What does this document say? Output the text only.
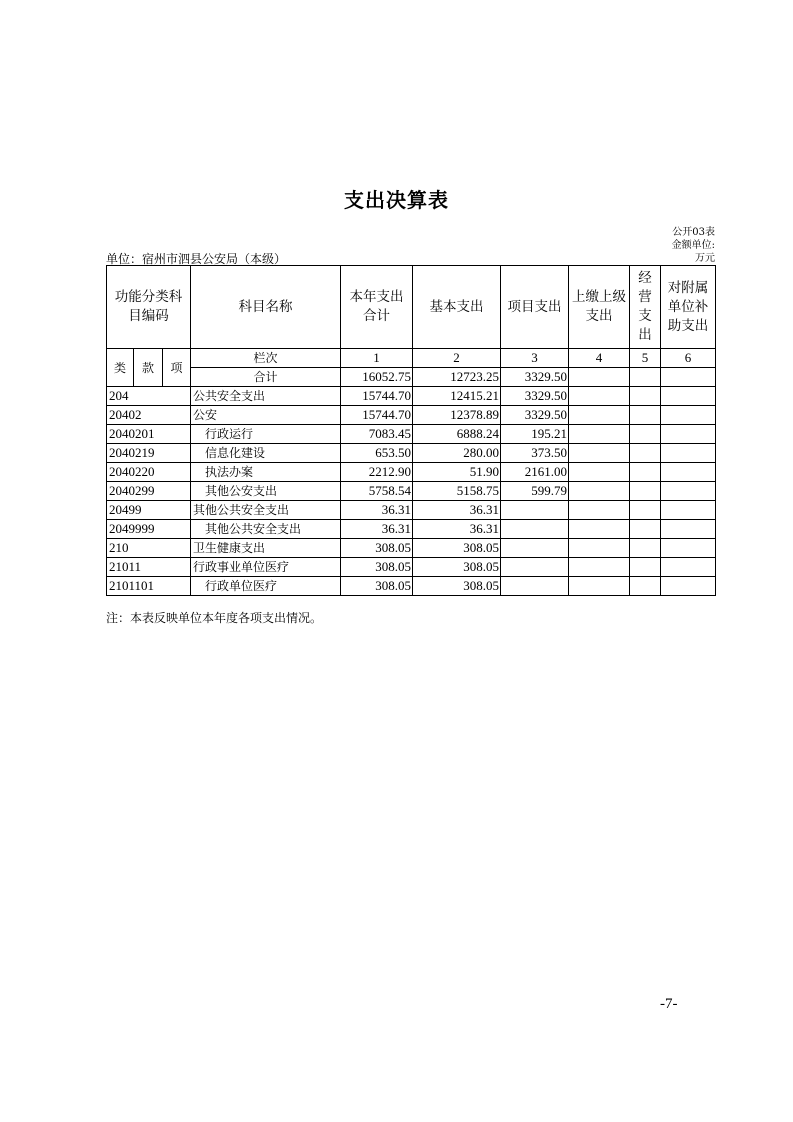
支出决算表
公开03表
金额单位:
万元
单位：宿州市泗县公安局（本级）
功能分类科目编码			科目名称	本年支出合计	基本支出	项目支出	上缴上级支出	经营支出	对附属单位补助支出
类	款	项	栏次	1	2	3	4	5	6
			合计	16052.75	12723.25	3329.50			
204			公共安全支出	15744.70	12415.21	3329.50			
20402			公安	15744.70	12378.89	3329.50			
2040201			行政运行	7083.45	6888.24	195.21			
2040219			信息化建设	653.50	280.00	373.50			
2040220			执法办案	2212.90	51.90	2161.00			
2040299			其他公安支出	5758.54	5158.75	599.79			
20499			其他公共安全支出	36.31	36.31				
2049999			其他公共安全支出	36.31	36.31				
210			卫生健康支出	308.05	308.05				
21011			行政事业单位医疗	308.05	308.05				
2101101			行政单位医疗	308.05	308.05				
注：本表反映单位本年度各项支出情况。
-7-
